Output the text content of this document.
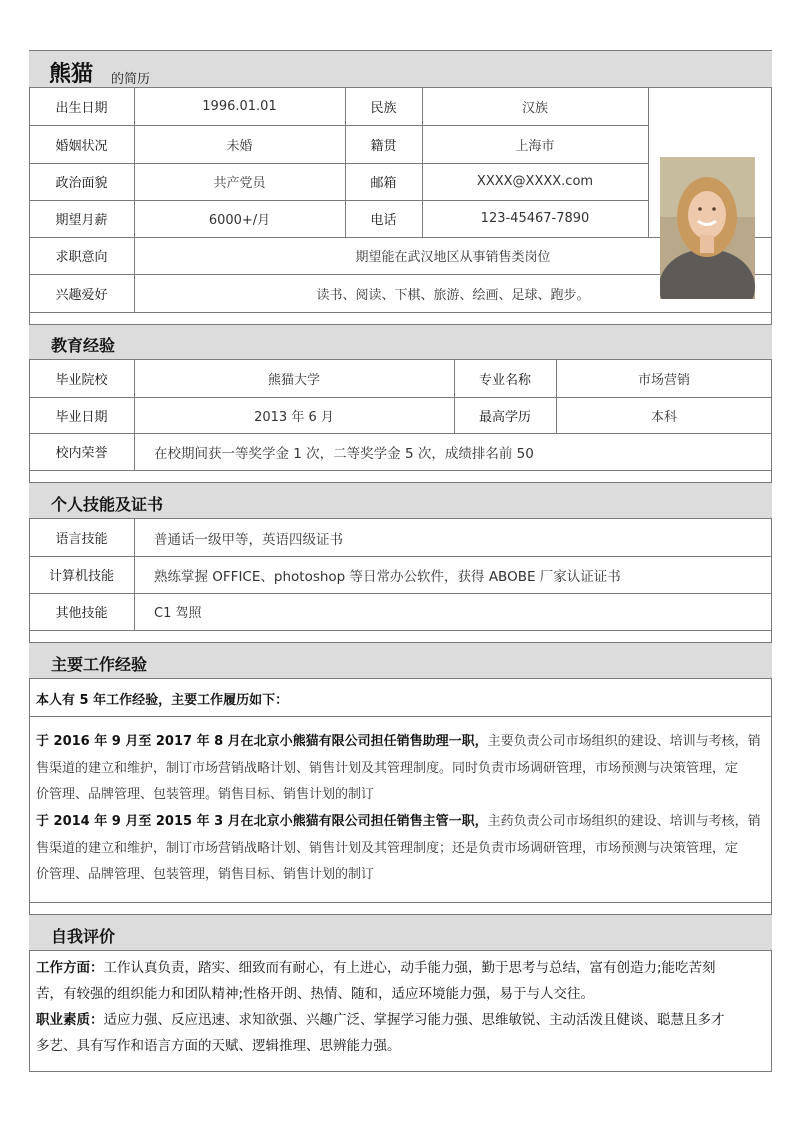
熊猫 的简历
出生日期	1996.01.01	民族	汉族
婚姻状况	未婚	籍贯	上海市
政治面貌	共产党员	邮箱	XXXX@XXXX.com
期望月薪	6000+/月	电话	123-45467-7890
求职意向	期望能在武汉地区从事销售类岗位
兴趣爱好	读书、阅读、下棋、旅游、绘画、足球、跑步。
教育经验
毕业院校	熊猫大学	专业名称	市场营销
毕业日期	2013 年 6 月	最高学历	本科
校内荣誉	在校期间获一等奖学金 1 次，二等奖学金 5 次，成绩排名前 50
个人技能及证书
语言技能	普通话一级甲等，英语四级证书
计算机技能	熟练掌握 OFFICE、photoshop 等日常办公软件，获得 ABOBE 厂家认证证书
其他技能	C1 驾照
主要工作经验
本人有 5 年工作经验，主要工作履历如下：
于 2016 年 9 月至 2017 年 8 月在北京小熊猫有限公司担任销售助理一职，主要负责公司市场组织的建设、培训与考核，销
售渠道的建立和维护，制订市场营销战略计划、销售计划及其管理制度。同时负责市场调研管理，市场预测与决策管理，定
价管理、品牌管理、包装管理。销售目标、销售计划的制订
于 2014 年 9 月至 2015 年 3 月在北京小熊猫有限公司担任销售主管一职，主药负责公司市场组织的建设、培训与考核，销
售渠道的建立和维护，制订市场营销战略计划、销售计划及其管理制度；还是负责市场调研管理，市场预测与决策管理，定
价管理、品牌管理、包装管理，销售目标、销售计划的制订
自我评价
工作方面：工作认真负责，踏实、细致而有耐心，有上进心，动手能力强，勤于思考与总结，富有创造力;能吃苦刻
苦，有较强的组织能力和团队精神;性格开朗、热情、随和，适应环境能力强，易于与人交往。
职业素质：适应力强、反应迅速、求知欲强、兴趣广泛、掌握学习能力强、思维敏锐、主动活泼且健谈、聪慧且多才
多艺、具有写作和语言方面的天赋、逻辑推理、思辨能力强。
